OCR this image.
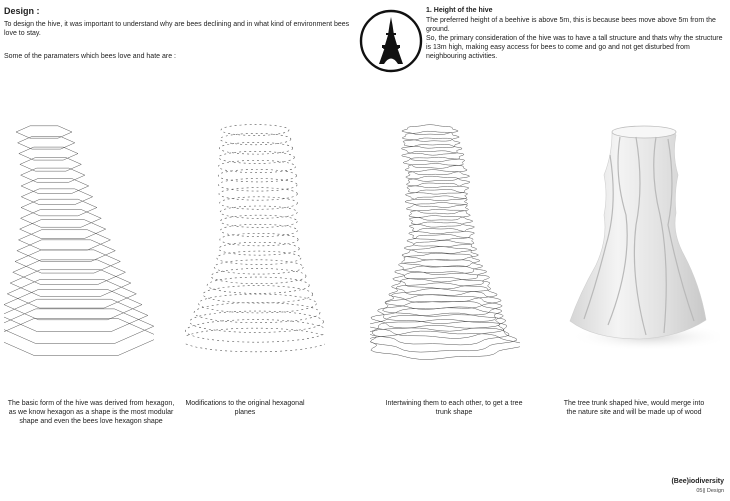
Design :
To design the hive, it was important to understand why are bees declining and in what kind of environment bees love to stay.
Some of the paramaters which bees love and hate are :
1. Height of the hive
The preferred height of a beehive is above 5m, this is because bees move above 5m from the ground.
So, the primary consideration of the hive was to have a tall structure and thats why the structure is 13m high, making easy access for bees to come and go and not get disturbed from neighbouring activities.
The basic form of the hive was derived from hexagon, as we know hexagon as a shape is the most modular shape and even the bees love hexagon shape
Modifications to the original hexagonal planes
Intertwining them to each other, to get a tree trunk shape
The tree trunk shaped hive, would merge into the nature site and will be made up of wood
(Bee)iodiversity
05|| Design
